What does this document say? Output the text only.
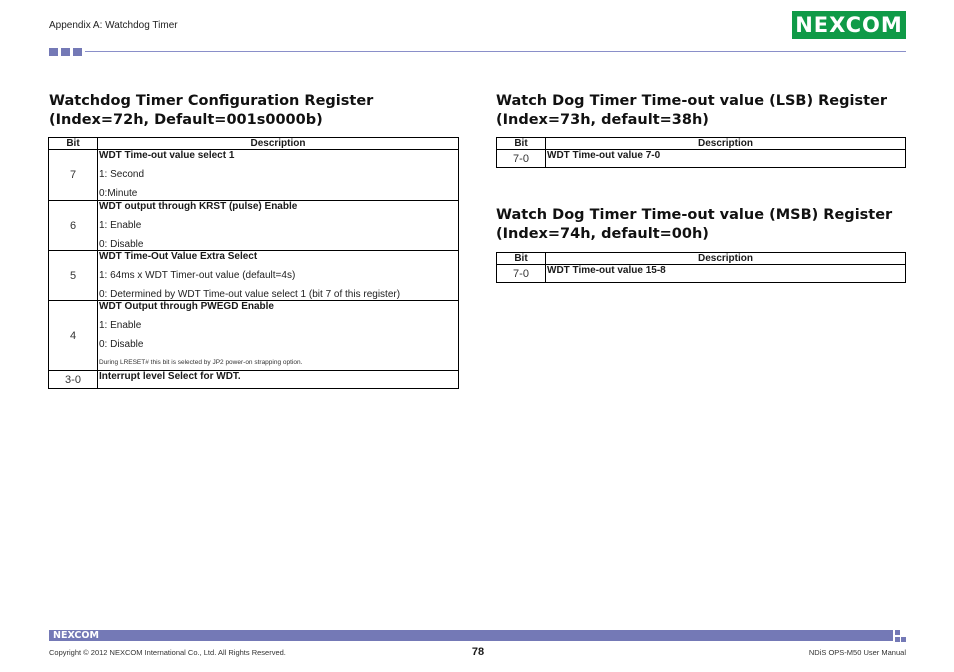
Appendix A: Watchdog Timer	NEXCOM
Watchdog Timer Configuration Register
(Index=72h, Default=001s0000b)
Bit	Description
7	WDT Time-out value select 1
1: Second
0:Minute

6	WDT output through KRST (pulse) Enable
1: Enable
0: Disable

5	WDT Time-Out Value Extra Select
1: 64ms x WDT Timer-out value (default=4s)
0: Determined by WDT Time-out value select 1 (bit 7 of this register)

4	WDT Output through PWEGD Enable
1: Enable
0: Disable
During LRESET# this bit is selected by JP2 power-on strapping option.

3-0	Interrupt level Select for WDT.
Watch Dog Timer Time-out value (LSB) Register
(Index=73h, default=38h)
Bit	Description
7-0	WDT Time-out value 7-0
Watch Dog Timer Time-out value (MSB) Register
(Index=74h, default=00h)
Bit	Description
7-0	WDT Time-out value 15-8
NEXCOM
Copyright © 2012 NEXCOM International Co., Ltd. All Rights Reserved.	78	NDiS OPS-M50 User Manual
